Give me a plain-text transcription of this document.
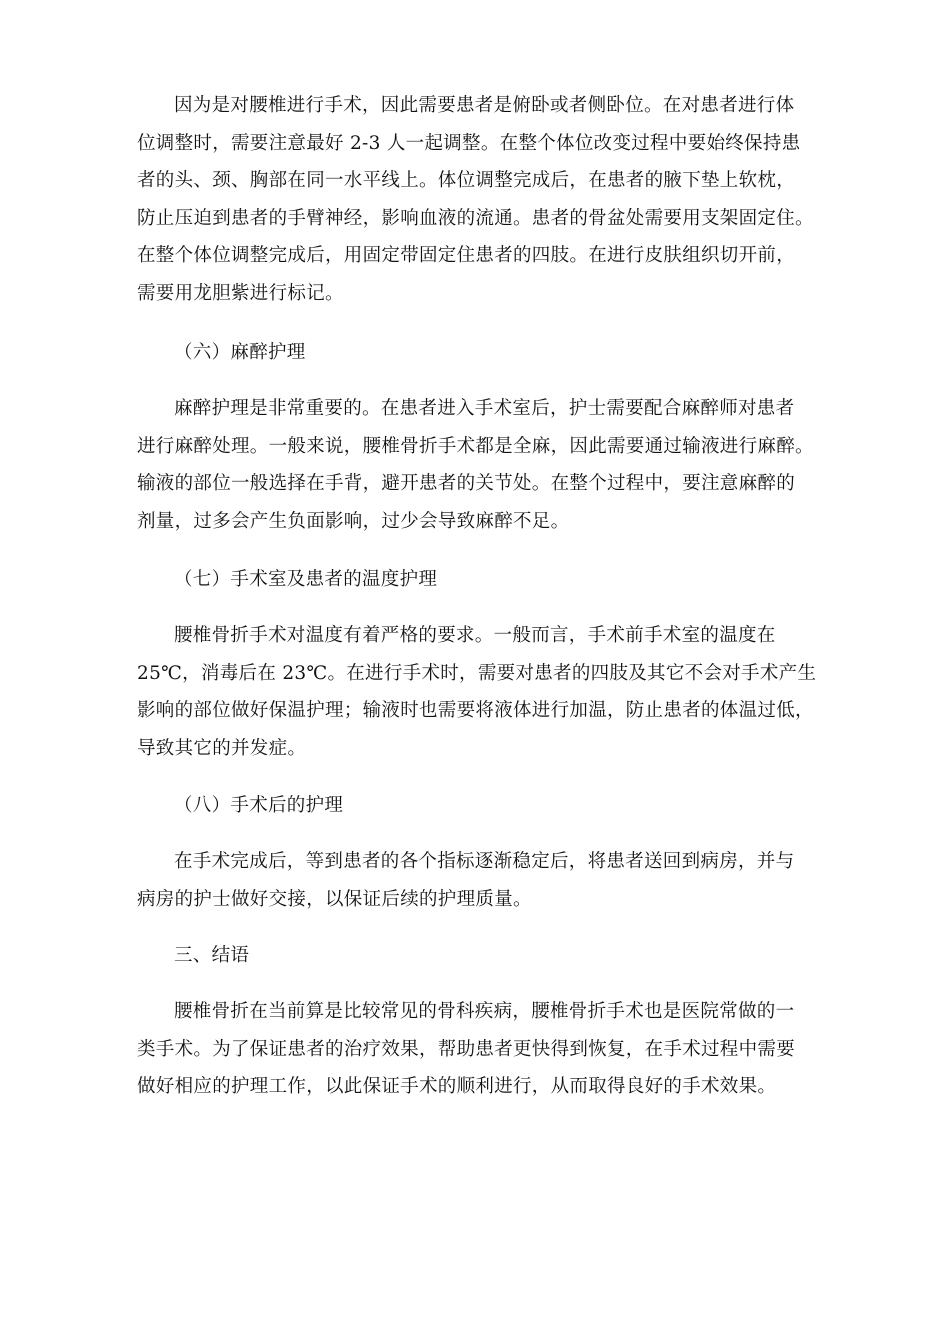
因为是对腰椎进行手术，因此需要患者是俯卧或者侧卧位。在对患者进行体
位调整时，需要注意最好 2-3 人一起调整。在整个体位改变过程中要始终保持患
者的头、颈、胸部在同一水平线上。体位调整完成后，在患者的腋下垫上软枕，
防止压迫到患者的手臂神经，影响血液的流通。患者的骨盆处需要用支架固定住。
在整个体位调整完成后，用固定带固定住患者的四肢。在进行皮肤组织切开前，
需要用龙胆紫进行标记。
（六）麻醉护理
麻醉护理是非常重要的。在患者进入手术室后，护士需要配合麻醉师对患者
进行麻醉处理。一般来说，腰椎骨折手术都是全麻，因此需要通过输液进行麻醉。
输液的部位一般选择在手背，避开患者的关节处。在整个过程中，要注意麻醉的
剂量，过多会产生负面影响，过少会导致麻醉不足。
（七）手术室及患者的温度护理
腰椎骨折手术对温度有着严格的要求。一般而言，手术前手术室的温度在
25℃，消毒后在 23℃。在进行手术时，需要对患者的四肢及其它不会对手术产生
影响的部位做好保温护理；输液时也需要将液体进行加温，防止患者的体温过低，
导致其它的并发症。
（八）手术后的护理
在手术完成后，等到患者的各个指标逐渐稳定后，将患者送回到病房，并与
病房的护士做好交接，以保证后续的护理质量。
三、结语
腰椎骨折在当前算是比较常见的骨科疾病，腰椎骨折手术也是医院常做的一
类手术。为了保证患者的治疗效果，帮助患者更快得到恢复，在手术过程中需要
做好相应的护理工作，以此保证手术的顺利进行，从而取得良好的手术效果。
